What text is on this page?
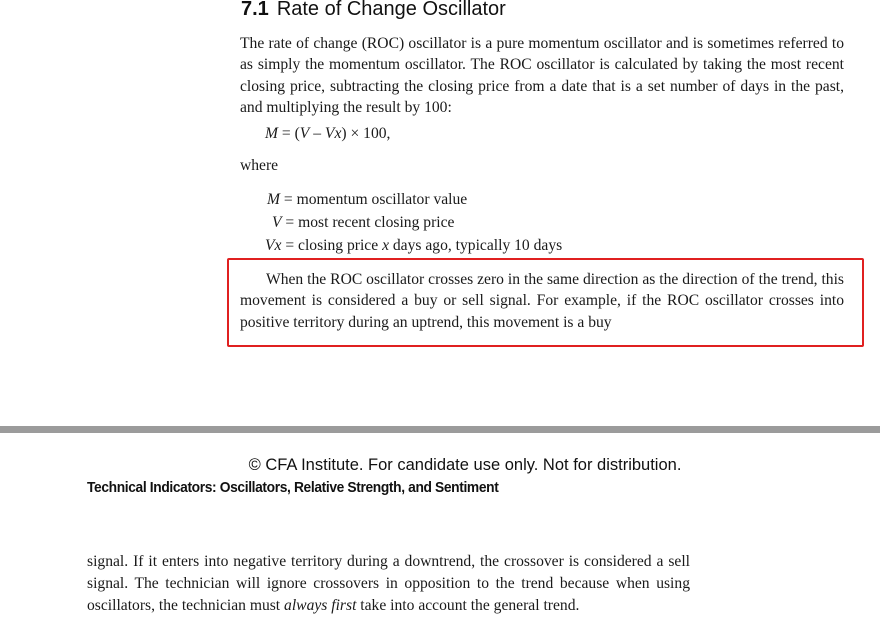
7.1 Rate of Change Oscillator

The rate of change (ROC) oscillator is a pure momentum oscillator and is sometimes referred to as simply the momentum oscillator. The ROC oscillator is calculated by taking the most recent closing price, subtracting the closing price from a date that is a set number of days in the past, and multiplying the result by 100:

M = (V – Vx) × 100,
where
M = momentum oscillator value
V = most recent closing price
Vx = closing price x days ago, typically 10 days

When the ROC oscillator crosses zero in the same direction as the direction of the trend, this movement is considered a buy or sell signal. For example, if the ROC oscillator crosses into positive territory during an uptrend, this movement is a buy

© CFA Institute. For candidate use only. Not for distribution.
Technical Indicators: Oscillators, Relative Strength, and Sentiment

signal. If it enters into negative territory during a downtrend, the crossover is considered a sell signal. The technician will ignore crossovers in opposition to the trend because when using oscillators, the technician must always first take into account the general trend.
